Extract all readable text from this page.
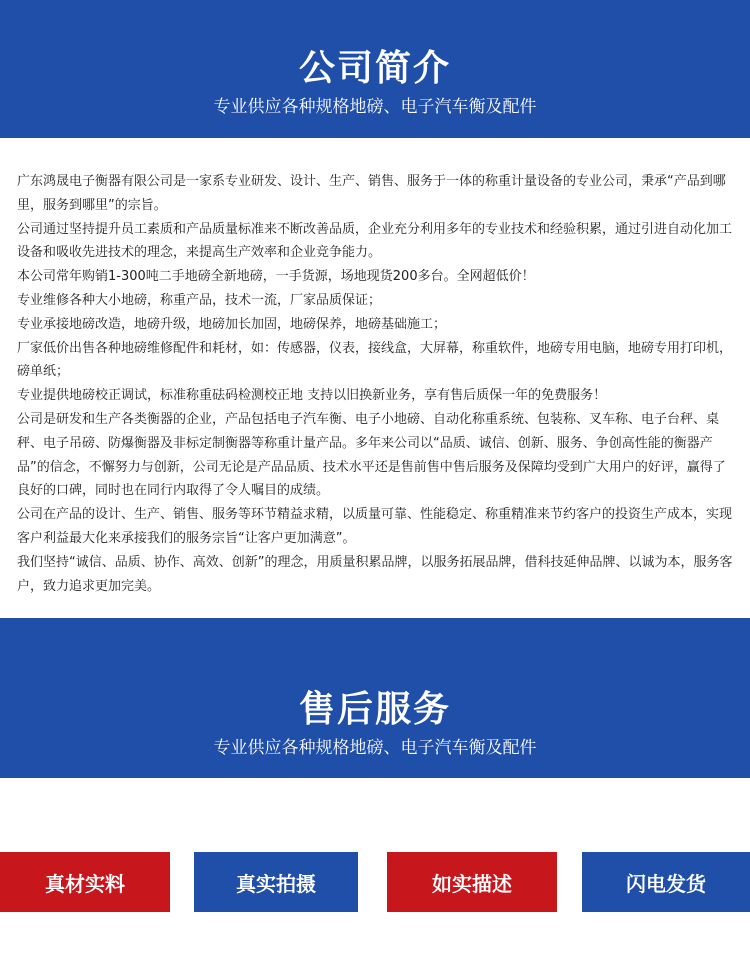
公司简介
专业供应各种规格地磅、电子汽车衡及配件

广东鸿晟电子衡器有限公司是一家系专业研发、设计、生产、销售、服务于一体的称重计量设备的专业公司，秉承“产品到哪里，服务到哪里”的宗旨。

公司通过坚持提升员工素质和产品质量标准来不断改善品质，企业充分利用多年的专业技术和经验积累，通过引进自动化加工设备和吸收先进技术的理念，来提高生产效率和企业竞争能力。

本公司常年购销1-300吨二手地磅全新地磅，一手货源，场地现货200多台。全网超低价！

专业维修各种大小地磅，称重产品，技术一流，厂家品质保证；

专业承接地磅改造，地磅升级，地磅加长加固，地磅保养，地磅基础施工；

厂家低价出售各种地磅维修配件和耗材，如：传感器，仪表，接线盒，大屏幕，称重软件，地磅专用电脑，地磅专用打印机，磅单纸；

专业提供地磅校正调试，标准称重砝码检测校正地 支持以旧换新业务，享有售后质保一年的免费服务！

公司是研发和生产各类衡器的企业，产品包括电子汽车衡、电子小地磅、自动化称重系统、包装称、叉车称、电子台秤、桌秤、电子吊磅、防爆衡器及非标定制衡器等称重计量产品。多年来公司以“品质、诚信、创新、服务、争创高性能的衡器产品”的信念，不懈努力与创新，公司无论是产品品质、技术水平还是售前售中售后服务及保障均受到广大用户的好评，赢得了良好的口碑，同时也在同行内取得了令人嘱目的成绩。

公司在产品的设计、生产、销售、服务等环节精益求精，以质量可靠、性能稳定、称重精准来节约客户的投资生产成本，实现客户利益最大化来承接我们的服务宗旨“让客户更加满意”。

我们坚持“诚信、品质、协作、高效、创新”的理念，用质量积累品牌，以服务拓展品牌，借科技延伸品牌、以诚为本，服务客户，致力追求更加完美。

售后服务
专业供应各种规格地磅、电子汽车衡及配件
真材实料	真实拍摄	如实描述	闪电发货
